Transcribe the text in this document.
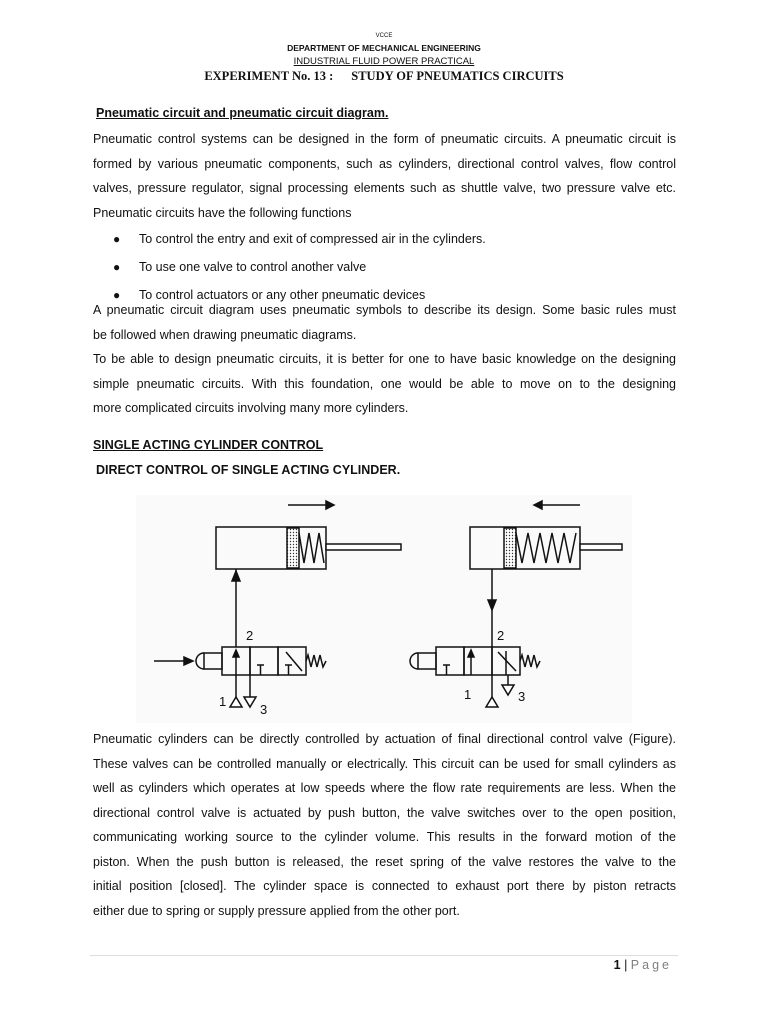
VCCE
DEPARTMENT OF MECHANICAL ENGINEERING
INDUSTRIAL FLUID POWER PRACTICAL
EXPERIMENT No. 13 : STUDY OF PNEUMATICS CIRCUITS
Pneumatic circuit and pneumatic circuit diagram.
Pneumatic control systems can be designed in the form of pneumatic circuits. A pneumatic circuit is
formed by various pneumatic components, such as cylinders, directional control valves, flow control
valves, pressure regulator, signal processing elements such as shuttle valve, two pressure valve etc.
Pneumatic circuits have the following functions
● To control the entry and exit of compressed air in the cylinders.
● To use one valve to control another valve
● To control actuators or any other pneumatic devices
A pneumatic circuit diagram uses pneumatic symbols to describe its design. Some basic rules must
be followed when drawing pneumatic diagrams.
To be able to design pneumatic circuits, it is better for one to have basic knowledge on the designing
simple pneumatic circuits. With this foundation, one would be able to move on to the designing
more complicated circuits involving many more cylinders.
SINGLE ACTING CYLINDER CONTROL
DIRECT CONTROL OF SINGLE ACTING CYLINDER.
2
1
3
2
1	3
Pneumatic cylinders can be directly controlled by actuation of final directional control valve (Figure).
These valves can be controlled manually or electrically. This circuit can be used for small cylinders as
well as cylinders which operates at low speeds where the flow rate requirements are less. When the
directional control valve is actuated by push button, the valve switches over to the open position,
communicating working source to the cylinder volume. This results in the forward motion of the
piston. When the push button is released, the reset spring of the valve restores the valve to the
initial position [closed]. The cylinder space is connected to exhaust port there by piston retracts
either due to spring or supply pressure applied from the other port.
1 | Page
